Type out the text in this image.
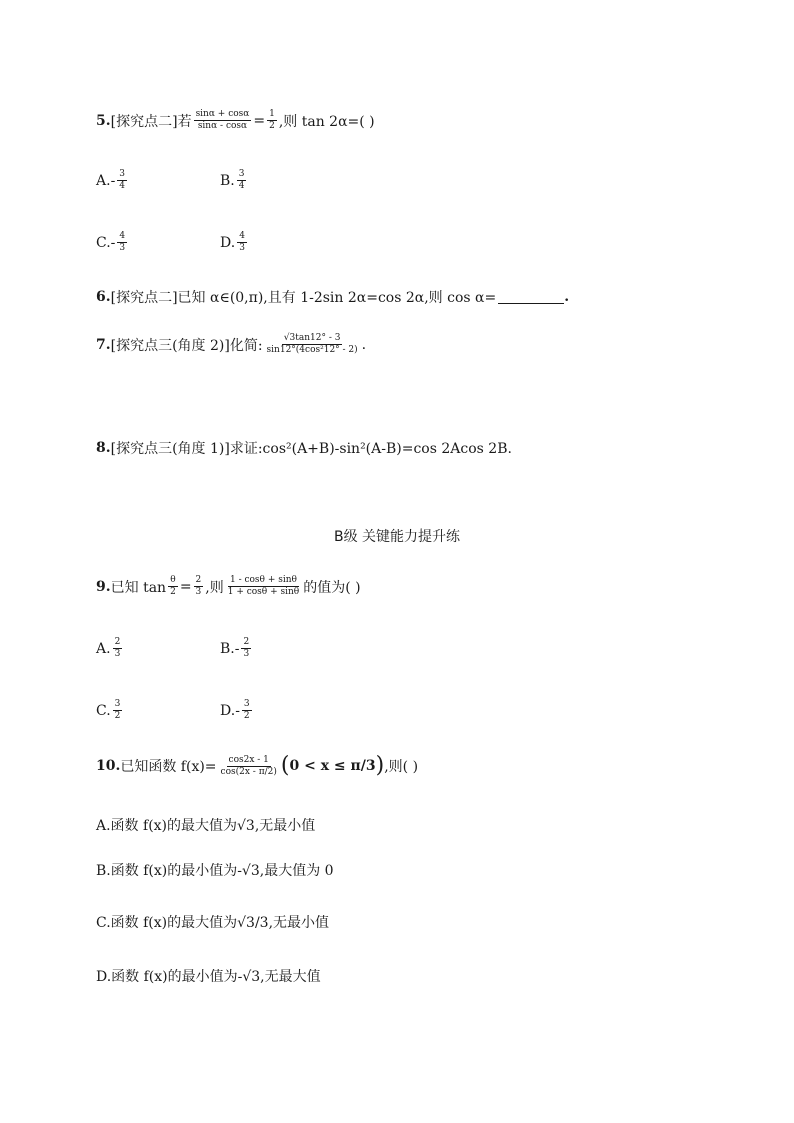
5. [探究点二] 若 $\frac{\sin\alpha + \cos\alpha}{\sin\alpha - \cos\alpha} = \frac{1}{2}$ ,则 tan 2α=( )
A. - $\frac{3}{4}$	B. $\frac{3}{4}$
C. - $\frac{4}{3}$	D. $\frac{4}{3}$
6. [探究点二]已知 α∈(0,π),且有 1-2sin 2α=cos 2α,则 cos α=	.
7. [探究点三(角度 2)]化简: $\frac{√3\tan 12^\circ - 3}{\text{sin12°(4cos²12° - 2)}}$ .
8. [探究点三(角度 1)]求证:cos²(A+B)-sin²(A-B)=cos 2Acos 2B.
B级 关键能力提升练
9. 已知 $\tan \frac{\theta}{2} = \frac{2}{3}$ ,则 $\frac{1 - \cos\theta + \sin\theta}{1 + \cos\theta + \sin\theta}$ 的值为( )
A. $\frac{2}{3}$	B. - $\frac{2}{3}$
C. $\frac{3}{2}$	D. - $\frac{3}{2}$
10. 已知函数 $f(x)= \frac{\cos 2x - 1}{\cos(2x - \pi/2)}$ ( 0 < x ≤ π/3 ) ,则( )
A.函数 f(x)的最大值为√3,无最小值
B.函数 f(x)的最小值为-√3,最大值为 0
C.函数 f(x)的最大值为√3/3,无最小值
D.函数 f(x)的最小值为-√3,无最大值
